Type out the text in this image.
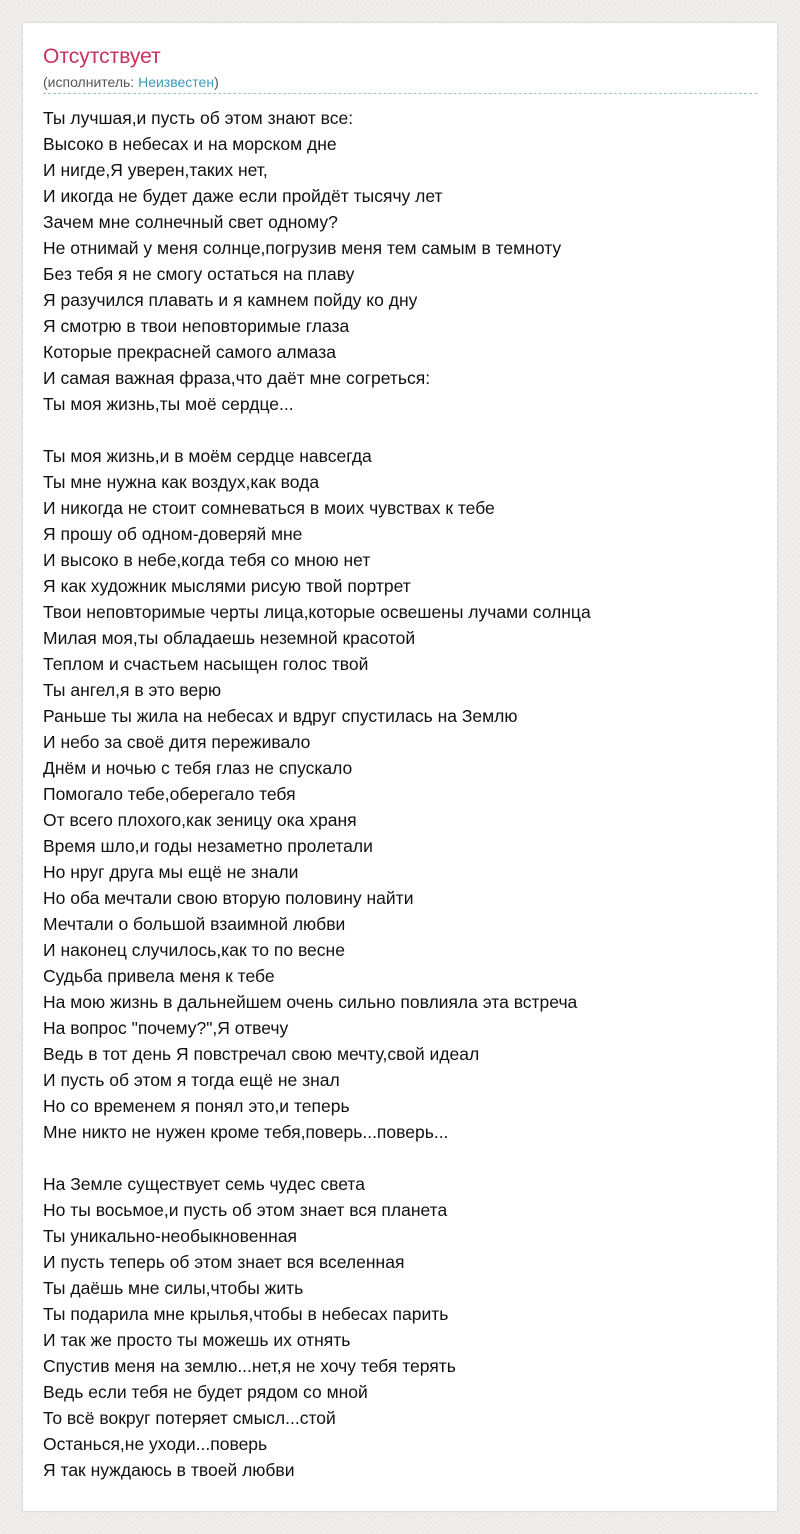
Отсутствует
(исполнитель: Неизвестен)
Ты лучшая,и пусть об этом знают все:
Высоко в небесах и на морском дне
И нигде,Я уверен,таких нет,
И икогда не будет даже если пройдёт тысячу лет
Зачем мне солнечный свет одному?
Не отнимай у меня солнце,погрузив меня тем самым в темноту
Без тебя я не смогу остаться на плаву
Я разучился плавать и я камнем пойду ко дну
Я смотрю в твои неповторимые глаза
Которые прекрасней самого алмаза
И самая важная фраза,что даёт мне согреться:
Ты моя жизнь,ты моё сердце...
Ты моя жизнь,и в моём сердце навсегда
Ты мне нужна как воздух,как вода
И никогда не стоит сомневаться в моих чувствах к тебе
Я прошу об одном-доверяй мне
И высоко в небе,когда тебя со мною нет
Я как художник мыслями рисую твой портрет
Твои неповторимые черты лица,которые освешены лучами солнца
Милая моя,ты обладаешь неземной красотой
Теплом и счастьем насыщен голос твой
Ты ангел,я в это верю
Раньше ты жила на небесах и вдруг спустилась на Землю
И небо за своё дитя переживало
Днём и ночью с тебя глаз не спускало
Помогало тебе,оберегало тебя
От всего плохого,как зеницу ока храня
Время шло,и годы незаметно пролетали
Но нруг друга мы ещё не знали
Но оба мечтали свою вторую половину найти
Мечтали о большой взаимной любви
И наконец случилось,как то по весне
Судьба привела меня к тебе
На мою жизнь в дальнейшем очень сильно повлияла эта встреча
На вопрос "почему?",Я отвечу
Ведь в тот день Я повстречал свою мечту,свой идеал
И пусть об этом я тогда ещё не знал
Но со временем я понял это,и теперь
Мне никто не нужен кроме тебя,поверь...поверь...
На Земле существует семь чудес света
Но ты восьмое,и пусть об этом знает вся планета
Ты уникально-необыкновенная
И пусть теперь об этом знает вся вселенная
Ты даёшь мне силы,чтобы жить
Ты подарила мне крылья,чтобы в небесах парить
И так же просто ты можешь их отнять
Спустив меня на землю...нет,я не хочу тебя терять
Ведь если тебя не будет рядом со мной
То всё вокруг потеряет смысл...стой
Останься,не уходи...поверь
Я так нуждаюсь в твоей любви
